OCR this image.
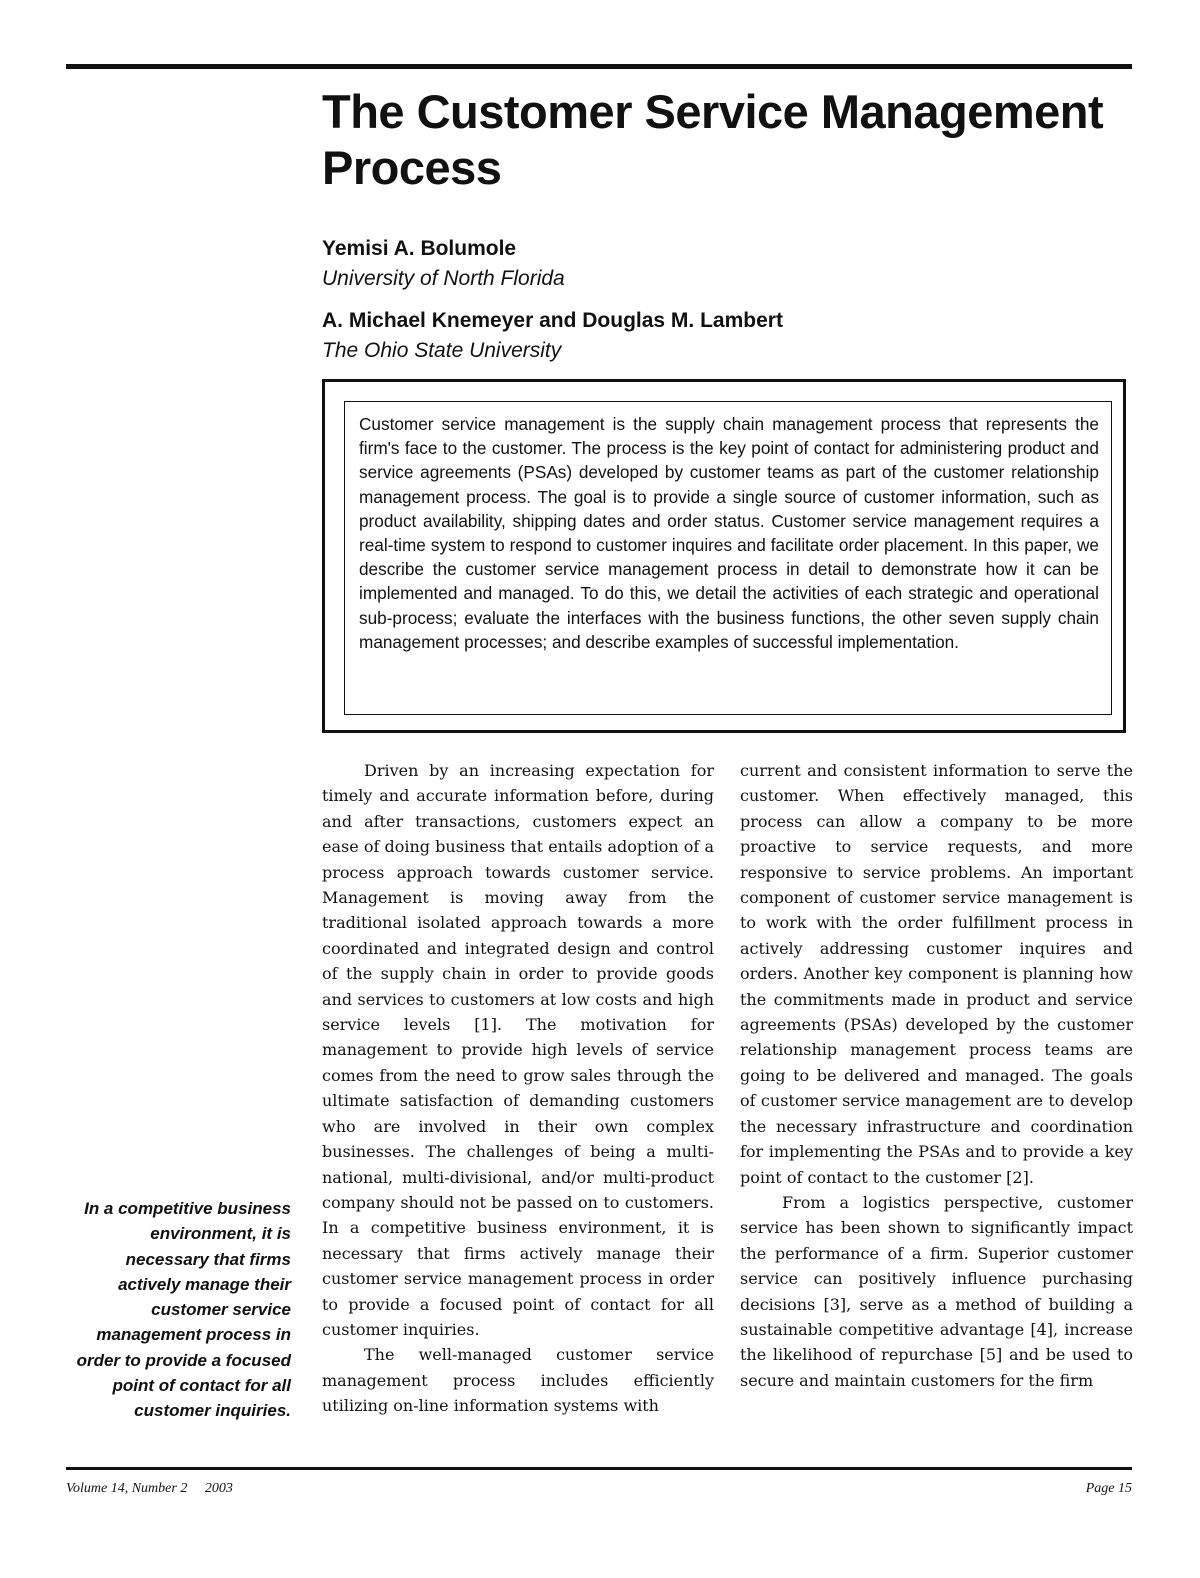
The Customer Service Management
Process

Yemisi A. Bolumole

University of North Florida

A. Michael Knemeyer and Douglas M. Lambert

The Ohio State University

Customer service management is the supply chain management process that represents the firm's face to the customer. The process is the key point of contact for administering product and service agreements (PSAs) developed by customer teams as part of the customer relationship management process. The goal is to provide a single source of customer information, such as product availability, shipping dates and order status. Customer service management requires a real-time system to respond to customer inquires and facilitate order placement. In this paper, we describe the customer service management process in detail to demonstrate how it can be implemented and managed. To do this, we detail the activities of each strategic and operational sub-process; evaluate the interfaces with the business functions, the other seven supply chain management processes; and describe examples of successful implementation.

Driven by an increasing expectation for timely and accurate information before, during and after transactions, customers expect an ease of doing business that entails adoption of a process approach towards customer service. Management is moving away from the traditional isolated approach towards a more coordinated and integrated design and control of the supply chain in order to provide goods and services to customers at low costs and high service levels [1]. The motivation for management to provide high levels of service comes from the need to grow sales through the ultimate satisfaction of demanding customers who are involved in their own complex businesses. The challenges of being a multi-national, multi-divisional, and/or multi-product company should not be passed on to customers. In a competitive business environment, it is necessary that firms actively manage their customer service management process in order to provide a focused point of contact for all customer inquiries.

The well-managed customer service management process includes efficiently utilizing on-line information systems with

current and consistent information to serve the customer. When effectively managed, this process can allow a company to be more proactive to service requests, and more responsive to service problems. An important component of customer service management is to work with the order fulfillment process in actively addressing customer inquires and orders. Another key component is planning how the commitments made in product and service agreements (PSAs) developed by the customer relationship management process teams are going to be delivered and managed. The goals of customer service management are to develop the necessary infrastructure and coordination for implementing the PSAs and to provide a key point of contact to the customer [2].

From a logistics perspective, customer service has been shown to significantly impact the performance of a firm. Superior customer service can positively influence purchasing decisions [3], serve as a method of building a sustainable competitive advantage [4], increase the likelihood of repurchase [5] and be used to secure and maintain customers for the firm

In a competitive business environment, it is necessary that firms actively manage their customer service management process in order to provide a focused point of contact for all customer inquiries.

Volume 14, Number 2     2003	Page 15
